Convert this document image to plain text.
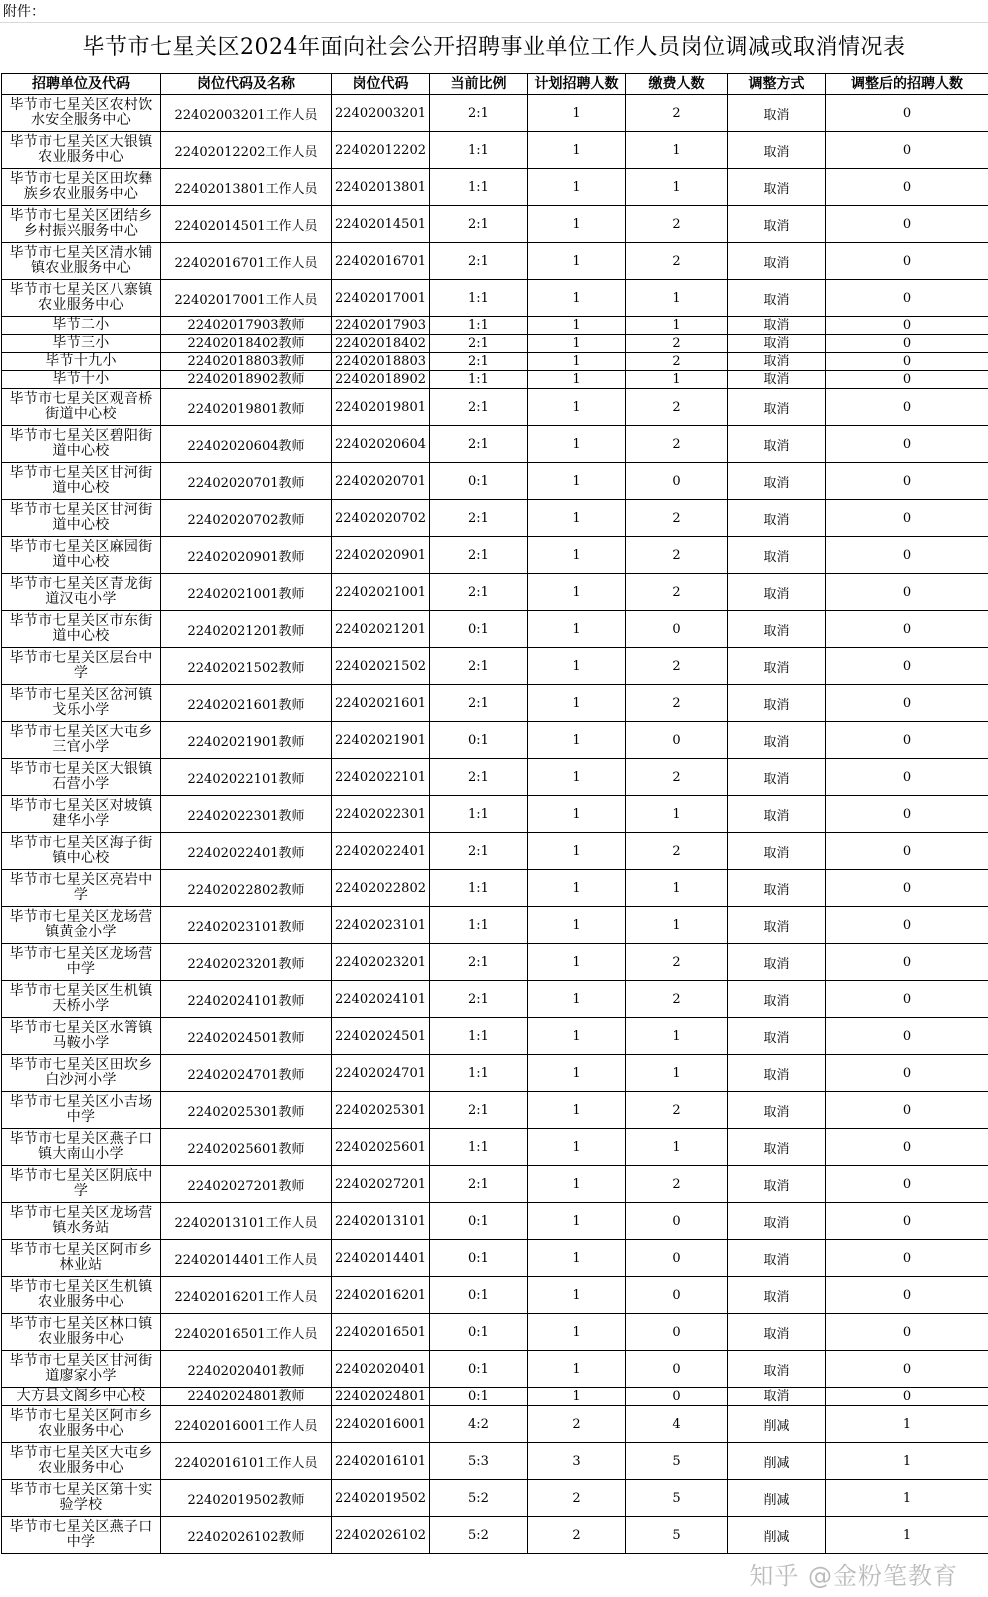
附件：
毕节市七星关区2024年面向社会公开招聘事业单位工作人员岗位调减或取消情况表
招聘单位及代码	岗位代码及名称	岗位代码	当前比例	计划招聘人数	缴费人数	调整方式	调整后的招聘人数
毕节市七星关区农村饮水安全服务中心	22402003201工作人员	22402003201	2:1	1	2	取消	0
毕节市七星关区大银镇农业服务中心	22402012202工作人员	22402012202	1:1	1	1	取消	0
毕节市七星关区田坎彝族乡农业服务中心	22402013801工作人员	22402013801	1:1	1	1	取消	0
毕节市七星关区团结乡乡村振兴服务中心	22402014501工作人员	22402014501	2:1	1	2	取消	0
毕节市七星关区清水铺镇农业服务中心	22402016701工作人员	22402016701	2:1	1	2	取消	0
毕节市七星关区八寨镇农业服务中心	22402017001工作人员	22402017001	1:1	1	1	取消	0
毕节二小	22402017903教师	22402017903	1:1	1	1	取消	0
毕节三小	22402018402教师	22402018402	2:1	1	2	取消	0
毕节十九小	22402018803教师	22402018803	2:1	1	2	取消	0
毕节十小	22402018902教师	22402018902	1:1	1	1	取消	0
毕节市七星关区观音桥街道中心校	22402019801教师	22402019801	2:1	1	2	取消	0
毕节市七星关区碧阳街道中心校	22402020604教师	22402020604	2:1	1	2	取消	0
毕节市七星关区甘河街道中心校	22402020701教师	22402020701	0:1	1	0	取消	0
毕节市七星关区甘河街道中心校	22402020702教师	22402020702	2:1	1	2	取消	0
毕节市七星关区麻园街道中心校	22402020901教师	22402020901	2:1	1	2	取消	0
毕节市七星关区青龙街道汉屯小学	22402021001教师	22402021001	2:1	1	2	取消	0
毕节市七星关区市东街道中心校	22402021201教师	22402021201	0:1	1	0	取消	0
毕节市七星关区层台中学	22402021502教师	22402021502	2:1	1	2	取消	0
毕节市七星关区岔河镇戈乐小学	22402021601教师	22402021601	2:1	1	2	取消	0
毕节市七星关区大屯乡三官小学	22402021901教师	22402021901	0:1	1	0	取消	0
毕节市七星关区大银镇石营小学	22402022101教师	22402022101	2:1	1	2	取消	0
毕节市七星关区对坡镇建华小学	22402022301教师	22402022301	1:1	1	1	取消	0
毕节市七星关区海子街镇中心校	22402022401教师	22402022401	2:1	1	2	取消	0
毕节市七星关区亮岩中学	22402022802教师	22402022802	1:1	1	1	取消	0
毕节市七星关区龙场营镇黄金小学	22402023101教师	22402023101	1:1	1	1	取消	0
毕节市七星关区龙场营中学	22402023201教师	22402023201	2:1	1	2	取消	0
毕节市七星关区生机镇天桥小学	22402024101教师	22402024101	2:1	1	2	取消	0
毕节市七星关区水箐镇马鞍小学	22402024501教师	22402024501	1:1	1	1	取消	0
毕节市七星关区田坎乡白沙河小学	22402024701教师	22402024701	1:1	1	1	取消	0
毕节市七星关区小吉场中学	22402025301教师	22402025301	2:1	1	2	取消	0
毕节市七星关区燕子口镇大南山小学	22402025601教师	22402025601	1:1	1	1	取消	0
毕节市七星关区阴底中学	22402027201教师	22402027201	2:1	1	2	取消	0
毕节市七星关区龙场营镇水务站	22402013101工作人员	22402013101	0:1	1	0	取消	0
毕节市七星关区阿市乡林业站	22402014401工作人员	22402014401	0:1	1	0	取消	0
毕节市七星关区生机镇农业服务中心	22402016201工作人员	22402016201	0:1	1	0	取消	0
毕节市七星关区林口镇农业服务中心	22402016501工作人员	22402016501	0:1	1	0	取消	0
毕节市七星关区甘河街道廖家小学	22402020401教师	22402020401	0:1	1	0	取消	0
大方县文阁乡中心校	22402024801教师	22402024801	0:1	1	0	取消	0
毕节市七星关区阿市乡农业服务中心	22402016001工作人员	22402016001	4:2	2	4	削减	1
毕节市七星关区大屯乡农业服务中心	22402016101工作人员	22402016101	5:3	3	5	削减	1
毕节市七星关区第十实验学校	22402019502教师	22402019502	5:2	2	5	削减	1
毕节市七星关区燕子口中学	22402026102教师	22402026102	5:2	2	5	削减	1
知乎 @金粉笔教育
